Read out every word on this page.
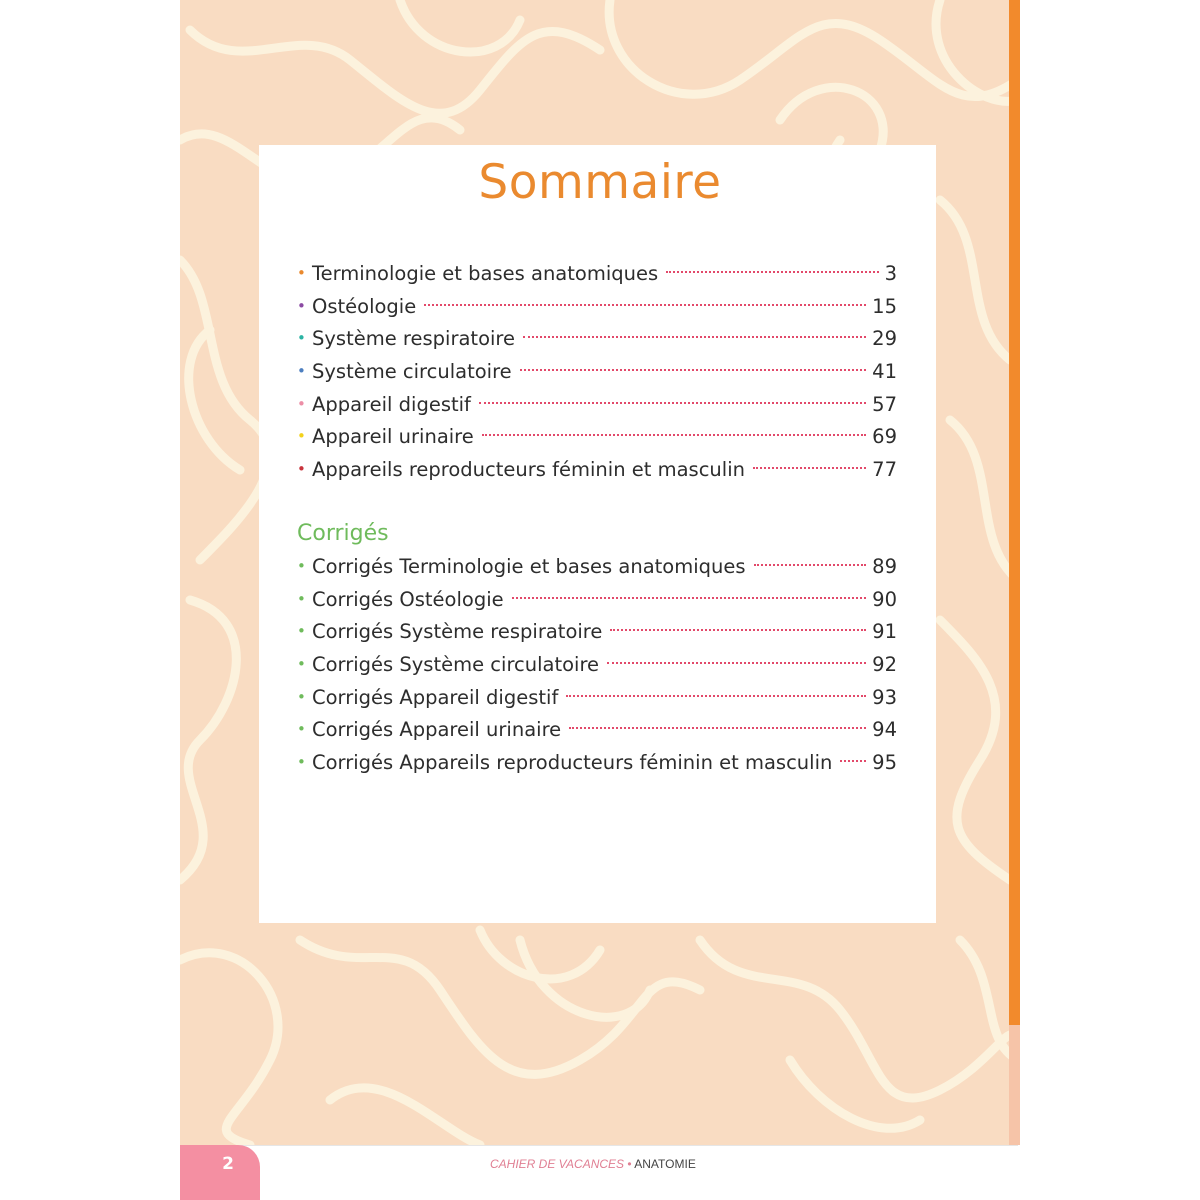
Sommaire
• Terminologie et bases anatomiques	3
• Ostéologie	15
• Système respiratoire	29
• Système circulatoire	41
• Appareil digestif	57
• Appareil urinaire	69
• Appareils reproducteurs féminin et masculin	77
Corrigés
• Corrigés Terminologie et bases anatomiques	89
• Corrigés Ostéologie	90
• Corrigés Système respiratoire	91
• Corrigés Système circulatoire	92
• Corrigés Appareil digestif	93
• Corrigés Appareil urinaire	94
• Corrigés Appareils reproducteurs féminin et masculin 95
2	CAHIER DE VACANCES • ANATOMIE
